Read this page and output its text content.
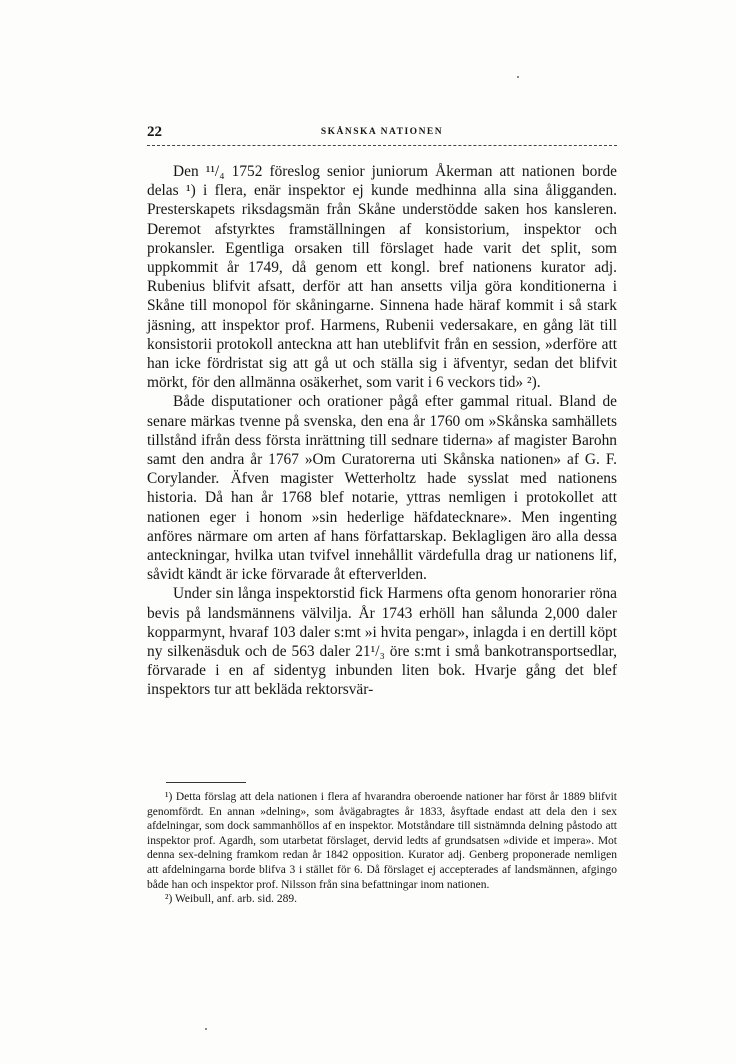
22	SKÅNSKA NATIONEN

Den ¹¹/₄ 1752 föreslog senior juniorum Åkerman att nationen borde delas ¹) i flera, enär inspektor ej kunde medhinna alla sina åligganden. Presterskapets riksdagsmän från Skåne understödde saken hos kansleren. Deremot afstyrktes framställningen af konsistorium, inspektor och prokansler. Egentliga orsaken till förslaget hade varit det split, som uppkommit år 1749, då genom ett kongl. bref nationens kurator adj. Rubenius blifvit afsatt, derför att han ansetts vilja göra konditionerna i Skåne till monopol för skåningarne. Sinnena hade häraf kommit i så stark jäsning, att inspektor prof. Harmens, Rubenii vedersakare, en gång lät till konsistorii protokoll anteckna att han uteblifvit från en session, »derföre att han icke fördristat sig att gå ut och ställa sig i äfventyr, sedan det blifvit mörkt, för den allmänna osäkerhet, som varit i 6 veckors tid» ²).

Både disputationer och orationer pågå efter gammal ritual. Bland de senare märkas tvenne på svenska, den ena år 1760 om »Skånska samhällets tillstånd ifrån dess första inrättning till sednare tiderna» af magister Barohn samt den andra år 1767 »Om Curatorerna uti Skånska nationen» af G. F. Corylander. Äfven magister Wetterholtz hade sysslat med nationens historia. Då han år 1768 blef notarie, yttras nemligen i protokollet att nationen eger i honom »sin hederlige häfdatecknare». Men ingenting anföres närmare om arten af hans författarskap. Beklagligen äro alla dessa anteckningar, hvilka utan tvifvel innehållit värdefulla drag ur nationens lif, såvidt kändt är icke förvarade åt efterverlden.

Under sin långa inspektorstid fick Harmens ofta genom honorarier röna bevis på landsmännens välvilja. År 1743 erhöll han sålunda 2,000 daler kopparmynt, hvaraf 103 daler s:mt »i hvita pengar», inlagda i en dertill köpt ny silkenäsduk och de 563 daler 21¹/₃ öre s:mt i små bankotransportsedlar, förvarade i en af sidentyg inbunden liten bok. Hvarje gång det blef inspektors tur att bekläda rektorsvär-

¹) Detta förslag att dela nationen i flera af hvarandra oberoende nationer har först år 1889 blifvit genomfördt. En annan »delning», som åvägabragtes år 1833, åsyftade endast att dela den i sex afdelningar, som dock sammanhöllos af en inspektor. Motståndare till sistnämnda delning påstodo att inspektor prof. Agardh, som utarbetat förslaget, dervid ledts af grundsatsen »divide et impera». Mot denna sex-delning framkom redan år 1842 opposition. Kurator adj. Genberg proponerade nemligen att afdelningarna borde blifva 3 i stället för 6. Då förslaget ej accepterades af landsmännen, afgingo både han och inspektor prof. Nilsson från sina befattningar inom nationen.

²) Weibull, anf. arb. sid. 289.
